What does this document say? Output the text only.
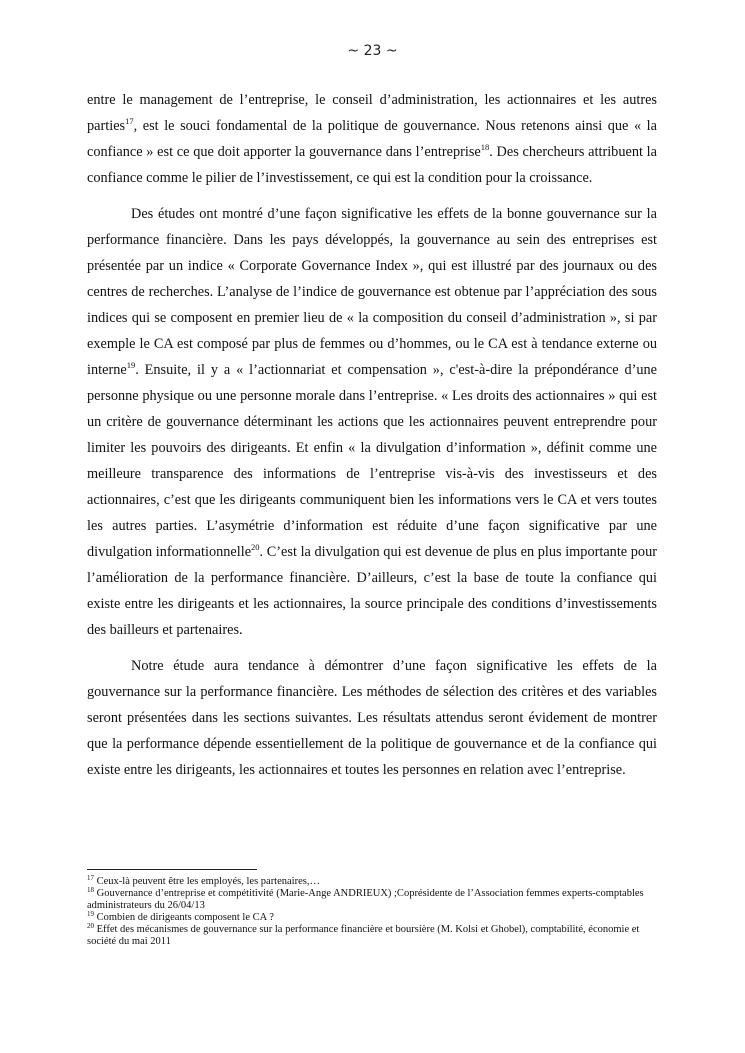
~ 23 ~

entre le management de l’entreprise, le conseil d’administration, les actionnaires et les autres parties$^{17}$, est le souci fondamental de la politique de gouvernance. Nous retenons ainsi que « la confiance » est ce que doit apporter la gouvernance dans l’entreprise$^{18}$. Des chercheurs attribuent la confiance comme le pilier de l’investissement, ce qui est la condition pour la croissance.

Des études ont montré d’une façon significative les effets de la bonne gouvernance sur la performance financière. Dans les pays développés, la gouvernance au sein des entreprises est présentée par un indice « Corporate Governance Index », qui est illustré par des journaux ou des centres de recherches. L’analyse de l’indice de gouvernance est obtenue par l’appréciation des sous indices qui se composent en premier lieu de « la composition du conseil d’administration », si par exemple le CA est composé par plus de femmes ou d’hommes, ou le CA est à tendance externe ou interne$^{19}$. Ensuite, il y a « l’actionnariat et compensation », c'est-à-dire la prépondérance d’une personne physique ou une personne morale dans l’entreprise. « Les droits des actionnaires » qui est un critère de gouvernance déterminant les actions que les actionnaires peuvent entreprendre pour limiter les pouvoirs des dirigeants. Et enfin « la divulgation d’information », définit comme une meilleure transparence des informations de l’entreprise vis-à-vis des investisseurs et des actionnaires, c’est que les dirigeants communiquent bien les informations vers le CA et vers toutes les autres parties. L’asymétrie d’information est réduite d’une façon significative par une divulgation informationnelle$^{20}$. C’est la divulgation qui est devenue de plus en plus importante pour l’amélioration de la performance financière. D’ailleurs, c’est la base de toute la confiance qui existe entre les dirigeants et les actionnaires, la source principale des conditions d’investissements des bailleurs et partenaires.

Notre étude aura tendance à démontrer d’une façon significative les effets de la gouvernance sur la performance financière. Les méthodes de sélection des critères et des variables seront présentées dans les sections suivantes. Les résultats attendus seront évidement de montrer que la performance dépende essentiellement de la politique de gouvernance et de la confiance qui existe entre les dirigeants, les actionnaires et toutes les personnes en relation avec l’entreprise.

$^{17}$ Ceux-là peuvent être les employés, les partenaires,…

$^{18}$ Gouvernance d’entreprise et compétitivité (Marie-Ange ANDRIEUX) ;Coprésidente de l’Association femmes experts-comptables administrateurs du 26/04/13

$^{19}$ Combien de dirigeants composent le CA ?

$^{20}$ Effet des mécanismes de gouvernance sur la performance financière et boursière (M. Kolsi et Ghobel), comptabilité, économie et société du mai 2011
